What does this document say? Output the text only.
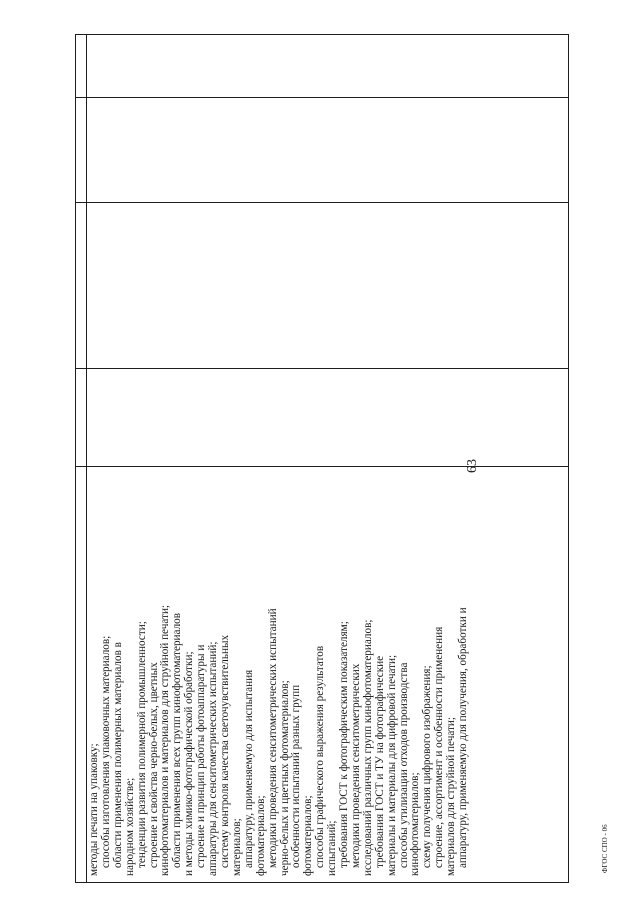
63
методы печати на упаковку; способы изготовления упаковочных материалов; области применения полимерных материалов в народном хозяйстве; тенденции развития полимерной промышленности; строение и свойства черно-белых, цветных кинофотоматериалов и материалов для струйной печати; области применения всех групп кинофотоматериалов и методы химико-фотографической обработки; строение и принцип работы фотоаппаратуры и аппаратуры для сенситометрических испытаний; систему контроля качества светочувствительных материалов; аппаратуру, применяемую для испытания фотоматериалов; методики проведения сенситометрических испытаний черно-белых и цветных фотоматериалов; особенности испытаний разных групп фотоматериалов; способы графического выражения результатов испытаний; требования ГОСТ к фотографическим показателям; методики проведения сенситометрических исследований различных групп кинофотоматериалов; требования ГОСТ и ТУ на фотографические материалы и материалы для цифровой печати; способы утилизации отходов производства кинофотоматериалов; схему получения цифрового изображения; строение, ассортимент и особенности применения материалов для струйной печати; аппаратуру, применяемую для получения, обработки и	ФГОС СПО - 06
